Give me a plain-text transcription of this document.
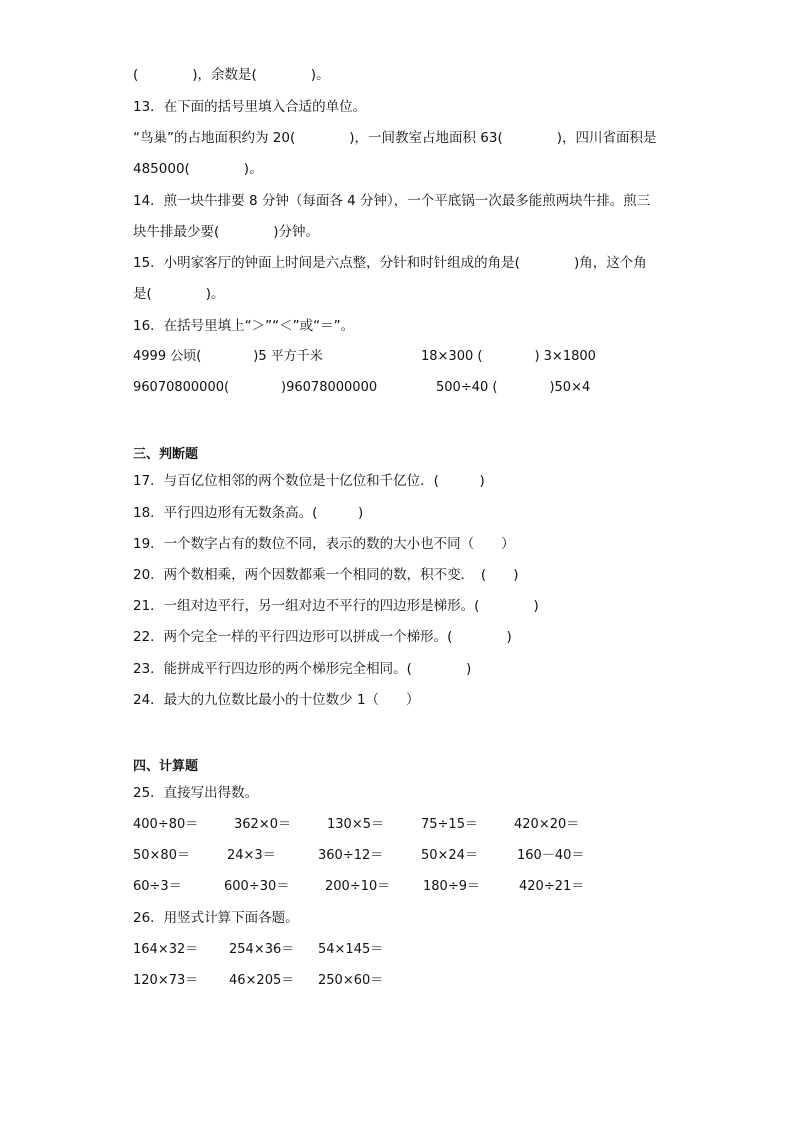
(　　　　)，余数是(　　　　)。
13．在下面的括号里填入合适的单位。
“鸟巢”的占地面积约为 20(　　　　)，一间教室占地面积 63(　　　　)，四川省面积是
485000(　　　　)。
14．煎一块牛排要 8 分钟（每面各 4 分钟），一个平底锅一次最多能煎两块牛排。煎三
块牛排最少要(　　　　)分钟。
15．小明家客厅的钟面上时间是六点整，分针和时针组成的角是(　　　　)角，这个角
是(　　　　)。
16．在括号里填上“＞”“＜”或“＝”。
4999 公顷(　　　　)5 平方千米	18×300 (　　　　) 3×1800
96070800000(　　　　)96078000000	500÷40 (　　　　)50×4
三、判断题
17．与百亿位相邻的两个数位是十亿位和千亿位．(　　　)
18．平行四边形有无数条高。(　　　)
19．一个数字占有的数位不同，表示的数的大小也不同（　　）
20．两个数相乘，两个因数都乘一个相同的数，积不变．　(　　)
21．一组对边平行，另一组对边不平行的四边形是梯形。(　　　　)
22．两个完全一样的平行四边形可以拼成一个梯形。(　　　　)
23．能拼成平行四边形的两个梯形完全相同。(　　　　)
24．最大的九位数比最小的十位数少 1（　　）
四、计算题
25．直接写出得数。
400÷80＝	362×0＝	130×5＝	75÷15＝	420×20＝
50×80＝	24×3＝	360÷12＝	50×24＝	160－40＝
60÷3＝	600÷30＝	200÷10＝	180÷9＝	420÷21＝
26．用竖式计算下面各题。
164×32＝ 254×36＝ 54×145＝
120×73＝ 46×205＝ 250×60＝
